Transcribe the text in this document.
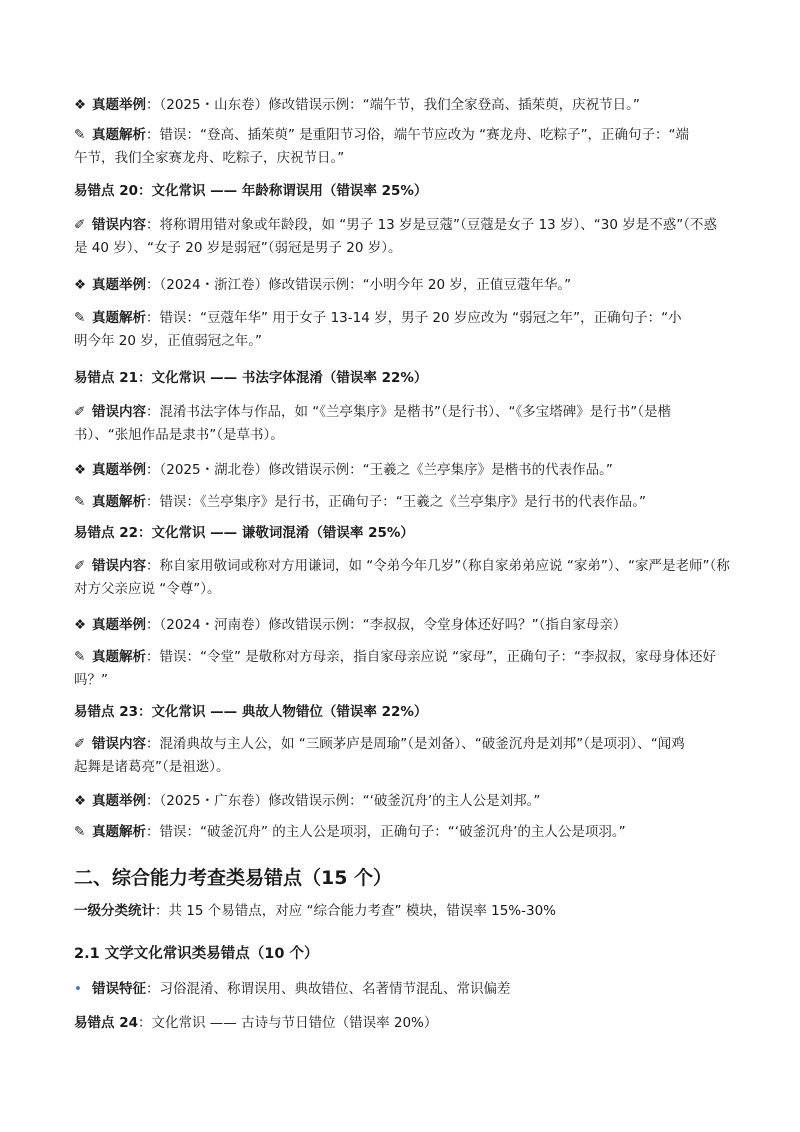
❖ 真题举例：（2025・山东卷）修改错误示例：“端午节，我们全家登高、插茱萸，庆祝节日。”

✎ 真题解析：错误：“登高、插茱萸” 是重阳节习俗，端午节应改为 “赛龙舟、吃粽子”，正确句子：“端午节，我们全家赛龙舟、吃粽子，庆祝节日。”

易错点 20：文化常识 —— 年龄称谓误用（错误率 25%）

✐ 错误内容：将称谓用错对象或年龄段，如 “男子 13 岁是豆蔻”（豆蔻是女子 13 岁）、“30 岁是不惑”（不惑是 40 岁）、“女子 20 岁是弱冠”（弱冠是男子 20 岁）。

❖ 真题举例：（2024・浙江卷）修改错误示例：“小明今年 20 岁，正值豆蔻年华。”

✎ 真题解析：错误：“豆蔻年华” 用于女子 13-14 岁，男子 20 岁应改为 “弱冠之年”，正确句子：“小明今年 20 岁，正值弱冠之年。”

易错点 21：文化常识 —— 书法字体混淆（错误率 22%）

✐ 错误内容：混淆书法字体与作品，如 “《兰亭集序》是楷书”（是行书）、“《多宝塔碑》是行书”（是楷书）、“张旭作品是隶书”（是草书）。

❖ 真题举例：（2025・湖北卷）修改错误示例：“王羲之《兰亭集序》是楷书的代表作品。”

✎ 真题解析：错误：《兰亭集序》是行书，正确句子：“王羲之《兰亭集序》是行书的代表作品。”

易错点 22：文化常识 —— 谦敬词混淆（错误率 25%）

✐ 错误内容：称自家用敬词或称对方用谦词，如 “令弟今年几岁”（称自家弟弟应说 “家弟”）、“家严是老师”（称对方父亲应说 “令尊”）。

❖ 真题举例：（2024・河南卷）修改错误示例：“李叔叔，令堂身体还好吗？”（指自家母亲）

✎ 真题解析：错误：“令堂” 是敬称对方母亲，指自家母亲应说 “家母”，正确句子：“李叔叔，家母身体还好吗？”

易错点 23：文化常识 —— 典故人物错位（错误率 22%）

✐ 错误内容：混淆典故与主人公，如 “三顾茅庐是周瑜”（是刘备）、“破釜沉舟是刘邦”（是项羽）、“闻鸡起舞是诸葛亮”（是祖逖）。

❖ 真题举例：（2025・广东卷）修改错误示例：“‘破釜沉舟’的主人公是刘邦。”

✎ 真题解析：错误：“破釜沉舟” 的主人公是项羽，正确句子：“‘破釜沉舟’的主人公是项羽。”

二、综合能力考查类易错点（15 个）

一级分类统计：共 15 个易错点，对应 “综合能力考查” 模块，错误率 15%-30%

2.1 文学文化常识类易错点（10 个）

• 错误特征：习俗混淆、称谓误用、典故错位、名著情节混乱、常识偏差

易错点 24：文化常识 —— 古诗与节日错位（错误率 20%）
